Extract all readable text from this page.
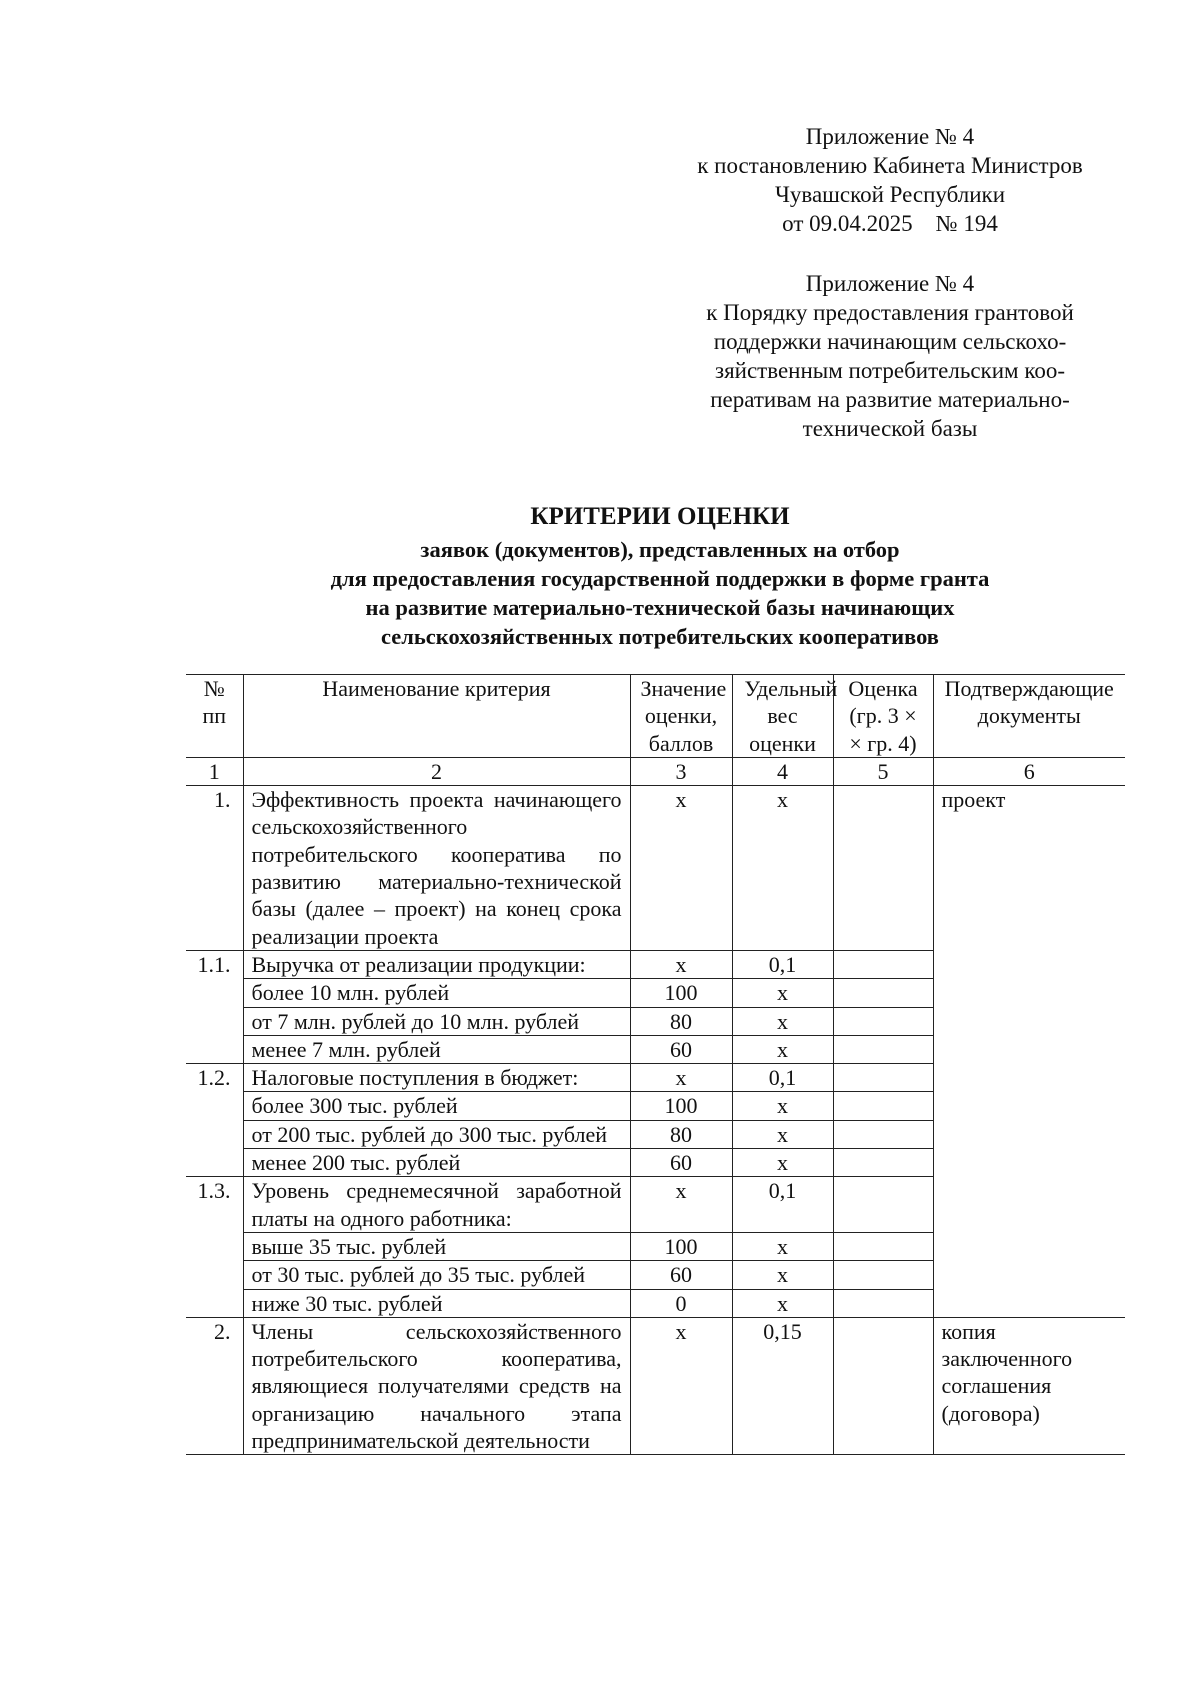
Приложение № 4
к постановлению Кабинета Министров
Чувашской Республики
от 09.04.2025    № 194
Приложение № 4
к Порядку предоставления грантовой
поддержки начинающим сельскохо-
зяйственным потребительским коо-
перативам на развитие материально-
технической базы
КРИТЕРИИ ОЦЕНКИ
заявок (документов), представленных на отбор
для предоставления государственной поддержки в форме гранта
на развитие материально-технической базы начинающих
сельскохозяйственных потребительских кооперативов
№ пп	Наименование критерия	Значение оценки, баллов	Удельный вес оценки	Оценка (гр. 3 × × гр. 4)	Подтверждающие документы
1	2	3	4	5	6
1.	Эффективность проекта начинающего сельскохозяйственного потребительского кооператива по развитию материально-технической базы (далее – проект) на конец срока реализации проекта	x	x		проект
1.1.	Выручка от реализации продукции:	x	0,1		
	более 10 млн. рублей	100	x		
	от 7 млн. рублей до 10 млн. рублей	80	x		
	менее 7 млн. рублей	60	x		
1.2.	Налоговые поступления в бюджет:	x	0,1		
	более 300 тыс. рублей	100	x		
	от 200 тыс. рублей до 300 тыс. рублей	80	x		
	менее 200 тыс. рублей	60	x		
1.3.	Уровень среднемесячной заработной платы на одного работника:	x	0,1		
	выше 35 тыс. рублей	100	x		
	от 30 тыс. рублей до 35 тыс. рублей	60	x		
	ниже 30 тыс. рублей	0	x		
2.	Члены сельскохозяйственного потребительского кооператива, являющиеся получателями средств на организацию начального этапа предпринимательской деятельности	x	0,15		копия заключенного соглашения (договора)
